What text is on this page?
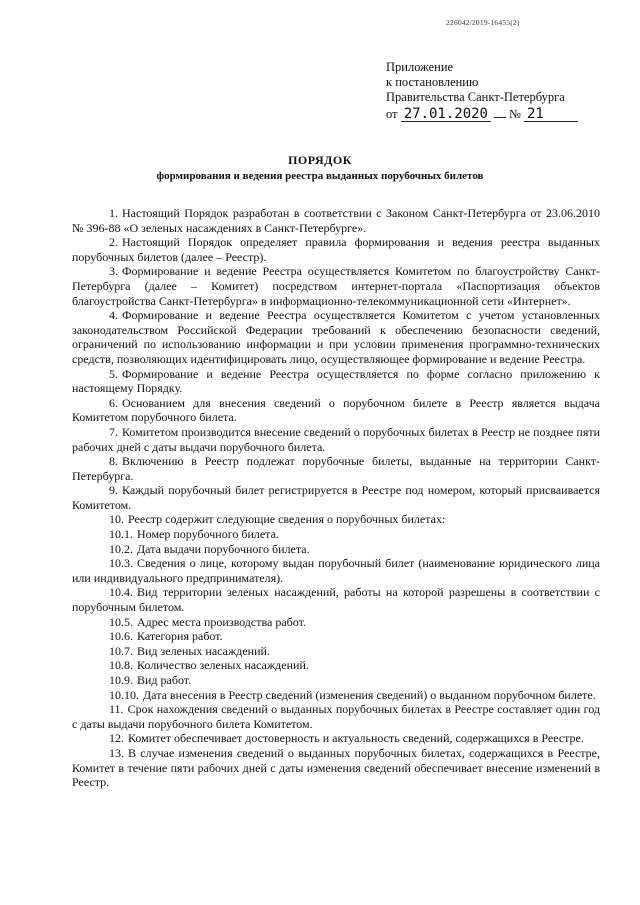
226042/2019-16455(2)
Приложение
к постановлению
Правительства Санкт-Петербурга
от 27.01.2020 № 21
ПОРЯДОК
формирования и ведения реестра выданных порубочных билетов

1. Настоящий Порядок разработан в соответствии с Законом Санкт-Петербурга от 23.06.2010 № 396-88 «О зеленых насаждениях в Санкт-Петербурге».

2. Настоящий Порядок определяет правила формирования и ведения реестра выданных порубочных билетов (далее – Реестр).

3. Формирование и ведение Реестра осуществляется Комитетом по благоустройству Санкт-Петербурга (далее – Комитет) посредством интернет-портала «Паспортизация объектов благоустройства Санкт-Петербурга» в информационно-телекоммуникационной сети «Интернет».

4. Формирование и ведение Реестра осуществляется Комитетом с учетом установленных законодательством Российской Федерации требований к обеспечению безопасности сведений, ограничений по использованию информации и при условии применения программно-технических средств, позволяющих идентифицировать лицо, осуществляющее формирование и ведение Реестра.

5. Формирование и ведение Реестра осуществляется по форме согласно приложению к настоящему Порядку.

6. Основанием для внесения сведений о порубочном билете в Реестр является выдача Комитетом порубочного билета.

7. Комитетом производится внесение сведений о порубочных билетах в Реестр не позднее пяти рабочих дней с даты выдачи порубочного билета.

8. Включению в Реестр подлежат порубочные билеты, выданные на территории Санкт-Петербурга.

9. Каждый порубочный билет регистрируется в Реестре под номером, который присваивается Комитетом.

10. Реестр содержит следующие сведения о порубочных билетах:

10.1. Номер порубочного билета.

10.2. Дата выдачи порубочного билета.

10.3. Сведения о лице, которому выдан порубочный билет (наименование юридического лица или индивидуального предпринимателя).

10.4. Вид территории зеленых насаждений, работы на которой разрешены в соответствии с порубочным билетом.

10.5. Адрес места производства работ.

10.6. Категория работ.

10.7. Вид зеленых насаждений.

10.8. Количество зеленых насаждений.

10.9. Вид работ.

10.10. Дата внесения в Реестр сведений (изменения сведений) о выданном порубочном билете.

11. Срок нахождения сведений о выданных порубочных билетах в Реестре составляет один год с даты выдачи порубочного билета Комитетом.

12. Комитет обеспечивает достоверность и актуальность сведений, содержащихся в Реестре.

13. В случае изменения сведений о выданных порубочных билетах, содержащихся в Реестре, Комитет в течение пяти рабочих дней с даты изменения сведений обеспечивает внесение изменений в Реестр.
